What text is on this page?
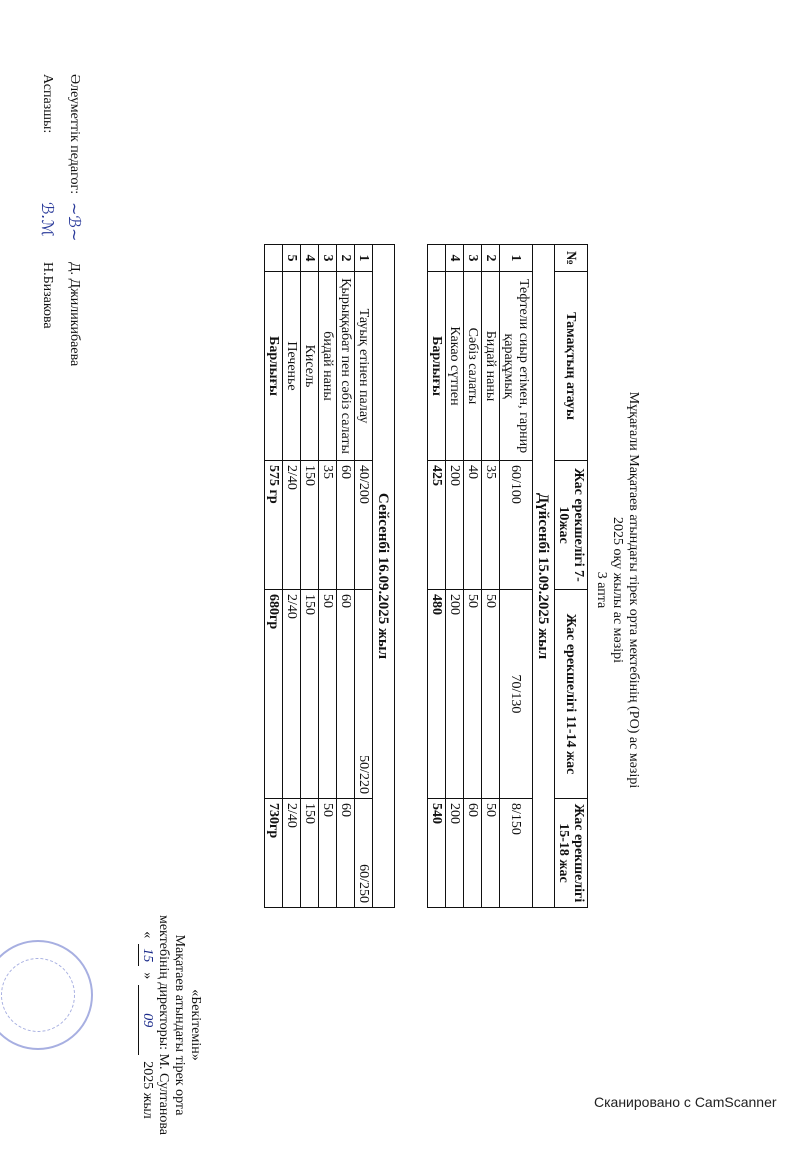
Мұқағали Мақатаев атындағы тірек орта мектебінің (РО) ас мәзірі
2025 оқу жылы ас мәзірі
3 апта
«Бекітемін»
Мақатаев атындағы тірек орта
мектебінің директоры: М. Султанова
«
15
»
09
2025 жыл
№	Тамақтың атауы	Жас ерекшелігі 7-10жас	Жас ерекшелігі 11-14 жас	Жас ерекшелігі 15-18 жас
Дүйсенбі 15.09.2025 жыл				
1	Тефтели сиыр етімен, гарнир қарақұмық	60/100	70/130	8/150
2	Бидай наны	35	50	50
3	Сәбіз салаты	40	50	60
4	Какао сүтпен	200	200	200
	Барлығы	425	480	540

Сейсенбі 16.09.2025 жыл				
1	Тауық етінен палау	40/200	50/220	60/250
2	Қырыққабат пен сәбіз салаты	60	60	60
3	бидай наны	35	50	50
4	Кисель	150	150	150
5	Печенье	2/40	2/40	2/40
	Барлығы	575 гр	680гр	730гр
Әлеуметтік педагог:
~ℬ~
Д. Джиликибаева
Аспазшы:
ℬ.ℳ
Н.Бизакова
Сканировано с CamScanner
